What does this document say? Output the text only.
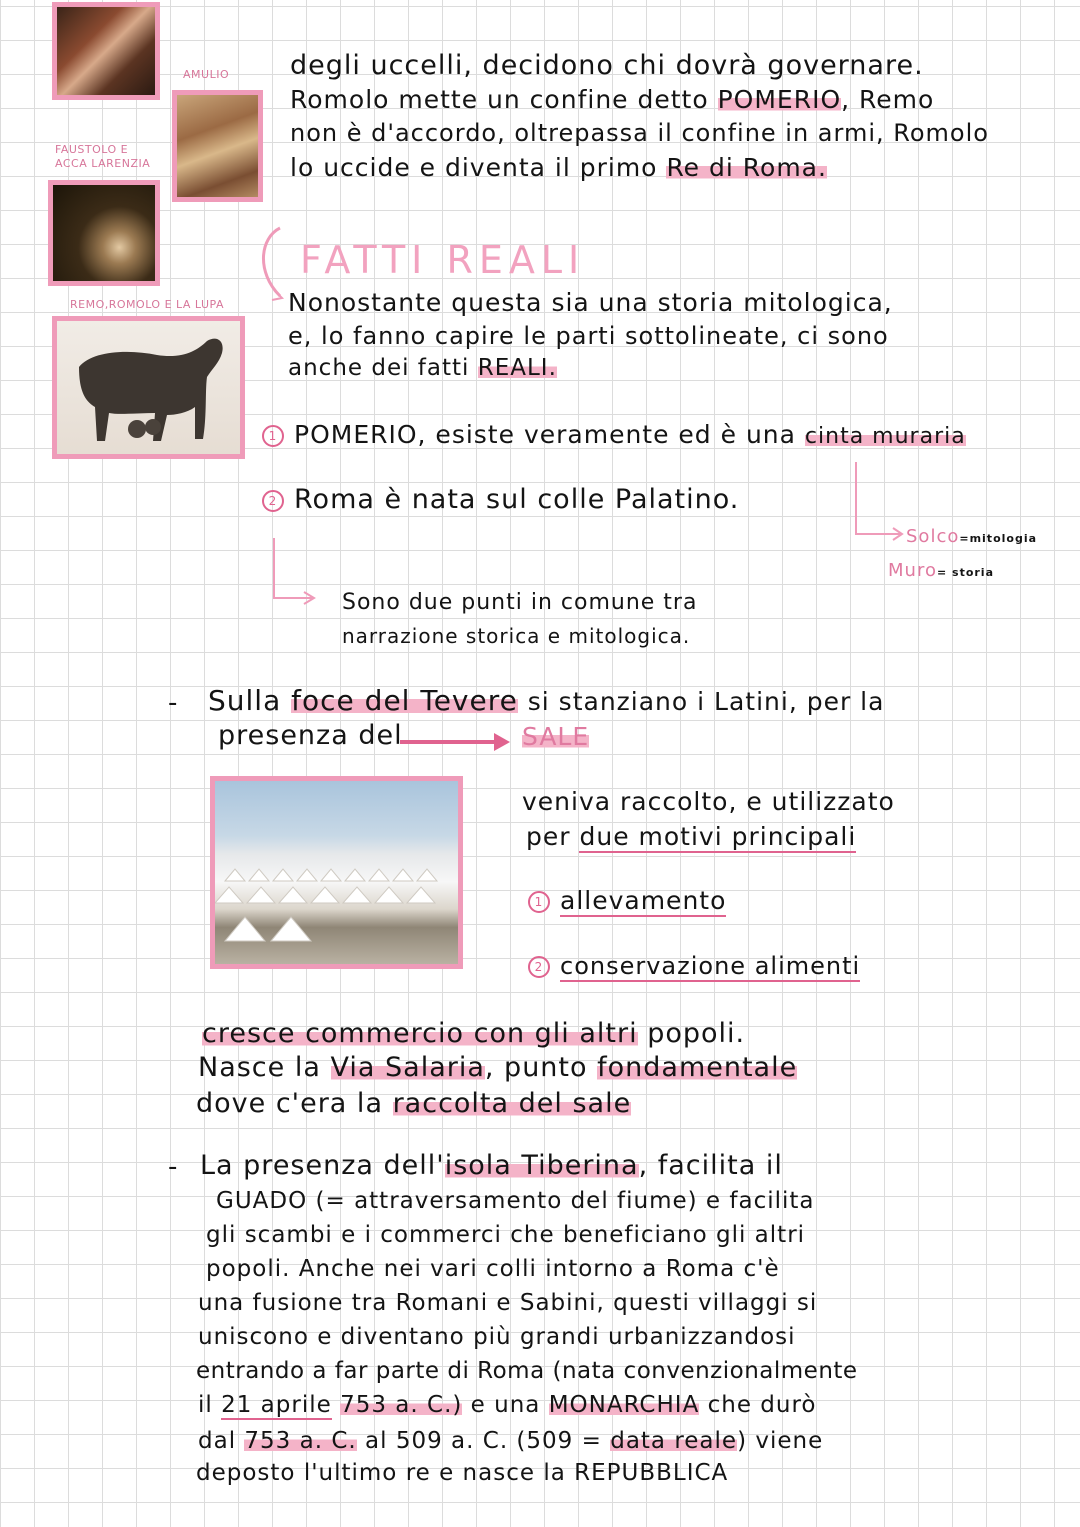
AMULIO
FAUSTOLO E
ACCA LARENZIA
REMO,ROMOLO E LA LUPA
degli uccelli, decidono chi dovrà governare.
Romolo mette un confine detto POMERIO, Remo
non è d'accordo, oltrepassa il confine in armi, Romolo
lo uccide e diventa il primo Re di Roma.
FATTI REALI
Nonostante questa sia una storia mitologica,
e, lo fanno capire le parti sottolineate, ci sono
anche dei fatti REALI.
1 POMERIO, esiste veramente ed è una cinta muraria
2 Roma è nata sul colle Palatino.
Solco=mitologia
Muro= storia
Sono due punti in comune tra
narrazione storica e mitologica.
- Sulla foce del Tevere si stanziano i Latini, per la
presenza del	SALE
veniva raccolto, e utilizzato
per due motivi principali
1 allevamento
2 conservazione alimenti
cresce commercio con gli altri popoli.
Nasce la Via Salaria, punto fondamentale
dove c'era la raccolta del sale
- La presenza dell'isola Tiberina, facilita il
GUADO (= attraversamento del fiume) e facilita
gli scambi e i commerci che beneficiano gli altri
popoli. Anche nei vari colli intorno a Roma c'è
una fusione tra Romani e Sabini, questi villaggi si
uniscono e diventano più grandi urbanizzandosi
entrando a far parte di Roma (nata convenzionalmente
il 21 aprile 753 a. C.) e una MONARCHIA che durò
dal 753 a. C. al 509 a. C. (509 = data reale) viene
deposto l'ultimo re e nasce la REPUBBLICA
